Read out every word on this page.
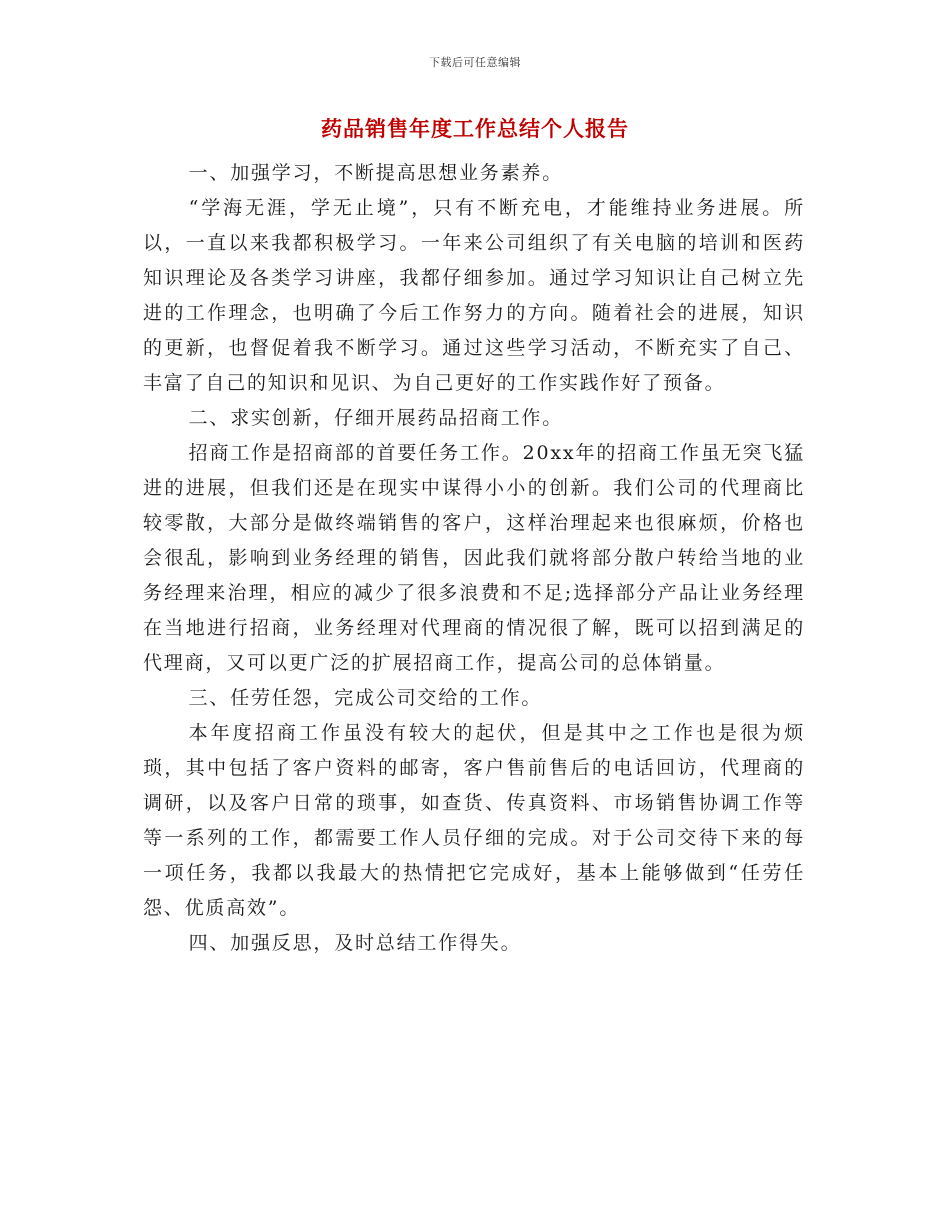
下载后可任意编辑
药品销售年度工作总结个人报告

一、加强学习，不断提高思想业务素养。

“学海无涯，学无止境”，只有不断充电，才能维持业务进展。所以，一直以来我都积极学习。一年来公司组织了有关电脑的培训和医药知识理论及各类学习讲座，我都仔细参加。通过学习知识让自己树立先进的工作理念，也明确了今后工作努力的方向。随着社会的进展，知识的更新，也督促着我不断学习。通过这些学习活动，不断充实了自己、丰富了自己的知识和见识、为自己更好的工作实践作好了预备。

二、求实创新，仔细开展药品招商工作。

招商工作是招商部的首要任务工作。20xx年的招商工作虽无突飞猛进的进展，但我们还是在现实中谋得小小的创新。我们公司的代理商比较零散，大部分是做终端销售的客户，这样治理起来也很麻烦，价格也会很乱，影响到业务经理的销售，因此我们就将部分散户转给当地的业务经理来治理，相应的减少了很多浪费和不足;选择部分产品让业务经理在当地进行招商，业务经理对代理商的情况很了解，既可以招到满足的代理商，又可以更广泛的扩展招商工作，提高公司的总体销量。

三、任劳任怨，完成公司交给的工作。

本年度招商工作虽没有较大的起伏，但是其中之工作也是很为烦琐，其中包括了客户资料的邮寄，客户售前售后的电话回访，代理商的调研，以及客户日常的琐事，如查货、传真资料、市场销售协调工作等等一系列的工作，都需要工作人员仔细的完成。对于公司交待下来的每一项任务，我都以我最大的热情把它完成好，基本上能够做到“任劳任怨、优质高效”。

四、加强反思，及时总结工作得失。
